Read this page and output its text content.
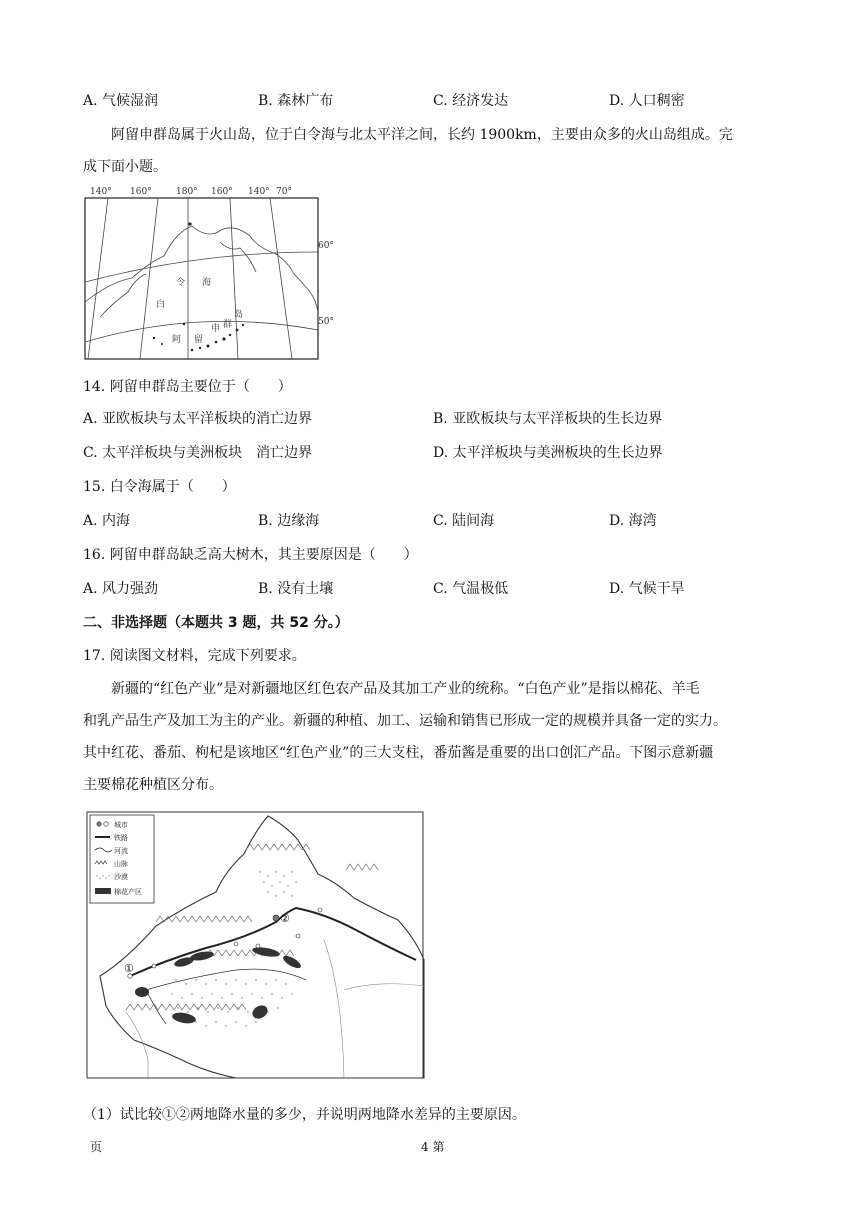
A. 气候湿润	B. 森林广布	C. 经济发达	D. 人口稠密
阿留申群岛属于火山岛，位于白令海与北太平洋之间，长约 1900km，主要由众多的火山岛组成。完
成下面小题。
140° 160°	180° 160° 140° 70°
60°
50°
白
令 海
阿 留
申 群
岛
14. 阿留申群岛主要位于（　　）
A. 亚欧板块与太平洋板块的消亡边界	B. 亚欧板块与太平洋板块的生长边界
C. 太平洋板块与美洲板块　消亡边界	D. 太平洋板块与美洲板块的生长边界
15. 白令海属于（　　）
A. 内海	B. 边缘海	C. 陆间海	D. 海湾
16. 阿留申群岛缺乏高大树木，其主要原因是（　　）
A. 风力强劲	B. 没有土壤	C. 气温极低	D. 气候干旱
二、非选择题（本题共 3 题，共 52 分。）
17. 阅读图文材料，完成下列要求。
新疆的“红色产业”是对新疆地区红色农产品及其加工产业的统称。“白色产业”是指以棉花、羊毛
和乳产品生产及加工为主的产业。新疆的种植、加工、运输和销售已形成一定的规模并具备一定的实力。
其中红花、番茄、枸杞是该地区“红色产业”的三大支柱，番茄酱是重要的出口创汇产品。下图示意新疆
主要棉花种植区分布。
城市
铁路
河流
山脉
沙漠
棉花产区
①
②
（1）试比较①②两地降水量的多少，并说明两地降水差异的主要原因。
页	4 第
